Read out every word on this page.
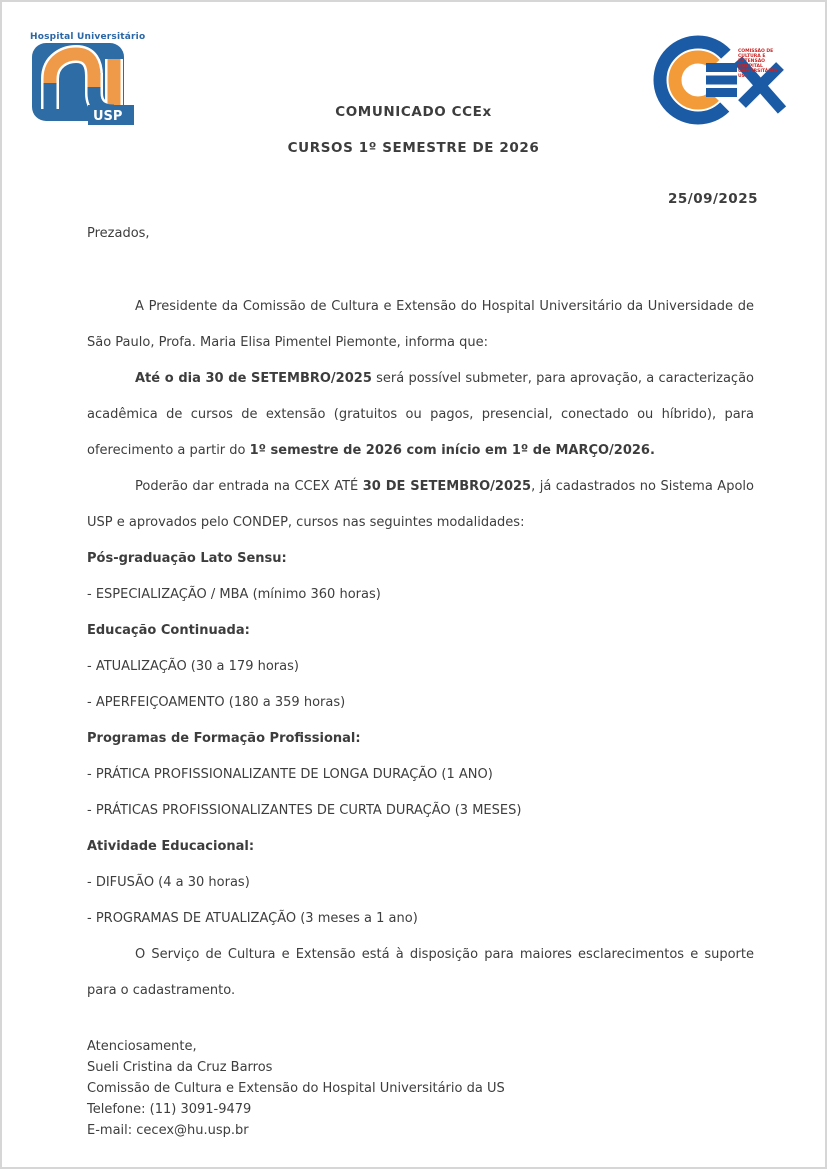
Hospital Universitário
USP
COMISSÃO DE CULTURA E EXTENSÃO
HOSPITAL UNIVERSITÁRIO - USP
COMUNICADO CCEx
CURSOS 1º SEMESTRE DE 2026
25/09/2025

Prezados,

A Presidente da Comissão de Cultura e Extensão do Hospital Universitário da Universidade de São Paulo, Profa. Maria Elisa Pimentel Piemonte, informa que:

Até o dia 30 de SETEMBRO/2025 será possível submeter, para aprovação, a caracterização acadêmica de cursos de extensão (gratuitos ou pagos, presencial, conectado ou híbrido), para oferecimento a partir do 1º semestre de 2026 com início em 1º de MARÇO/2026.

Poderão dar entrada na CCEX ATÉ 30 DE SETEMBRO/2025, já cadastrados no Sistema Apolo USP e aprovados pelo CONDEP, cursos nas seguintes modalidades:

Pós-graduação Lato Sensu:

- ESPECIALIZAÇÃO / MBA (mínimo 360 horas)

Educação Continuada:

- ATUALIZAÇÃO (30 a 179 horas)

- APERFEIÇOAMENTO (180 a 359 horas)

Programas de Formação Profissional:

- PRÁTICA PROFISSIONALIZANTE DE LONGA DURAÇÃO (1 ANO)

- PRÁTICAS PROFISSIONALIZANTES DE CURTA DURAÇÃO (3 MESES)

Atividade Educacional:

- DIFUSÃO (4 a 30 horas)

- PROGRAMAS DE ATUALIZAÇÃO (3 meses a 1 ano)

O Serviço de Cultura e Extensão está à disposição para maiores esclarecimentos e suporte para o cadastramento.

Atenciosamente,
Sueli Cristina da Cruz Barros
Comissão de Cultura e Extensão do Hospital Universitário da US
Telefone: (11) 3091-9479
E-mail: cecex@hu.usp.br
